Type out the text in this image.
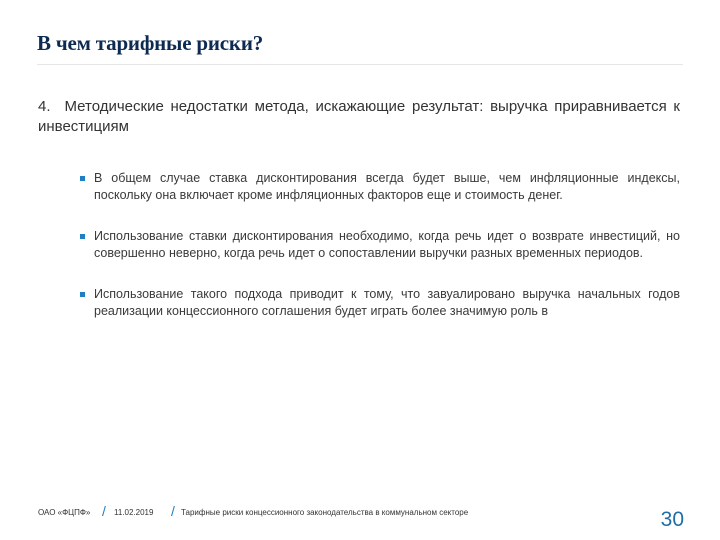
В чем тарифные риски?
4. Методические недостатки метода, искажающие результат: выручка приравнивается к инвестициям
В общем случае ставка дисконтирования всегда будет выше, чем инфляционные индексы, поскольку она включает кроме инфляционных факторов еще и стоимость денег.
Использование ставки дисконтирования необходимо, когда речь идет о возврате инвестиций, но совершенно неверно, когда речь идет о сопоставлении выручки разных временных периодов.
Использование такого подхода приводит к тому, что завуалировано выручка начальных годов реализации концессионного соглашения будет играть более значимую роль в
ОАО «ФЦПФ» / 11.02.2019 / Тарифные риски концессионного законодательства в коммунальном секторе	30
